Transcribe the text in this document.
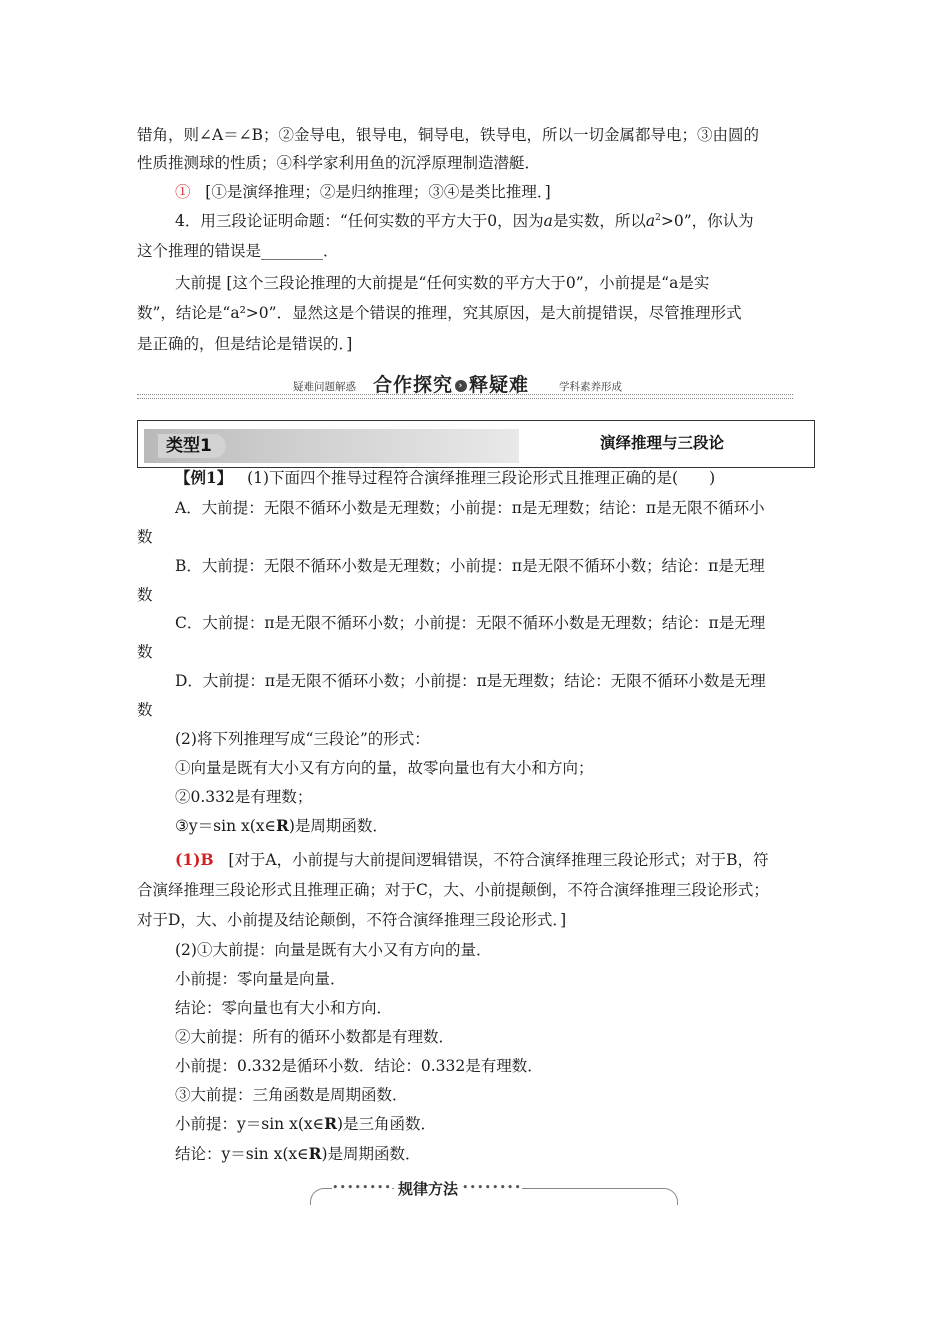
错角，则∠A＝∠B；②金导电，银导电，铜导电，铁导电，所以一切金属都导电；③由圆的
性质推测球的性质；④科学家利用鱼的沉浮原理制造潜艇．
① [①是演绎推理；②是归纳推理；③④是类比推理．]
4．用三段论证明命题：“任何实数的平方大于0，因为a是实数，所以$a^2>0$”，你认为
这个推理的错误是________．
大前提 [这个三段论推理的大前提是“任何实数的平方大于0”，小前提是“a是实
数”，结论是“a²>0”．显然这是个错误的推理，究其原因，是大前提错误，尽管推理形式
是正确的，但是结论是错误的．]
疑难问题解惑 合作探究 › 释疑难	学科素养形成
类型1	演绎推理与三段论
【例1】 (1)下面四个推导过程符合演绎推理三段论形式且推理正确的是(　　)
A．大前提：无限不循环小数是无理数；小前提：π是无理数；结论：π是无限不循环小
数
B．大前提：无限不循环小数是无理数；小前提：π是无限不循环小数；结论：π是无理
数
C．大前提：π是无限不循环小数；小前提：无限不循环小数是无理数；结论：π是无理
数
D．大前提：π是无限不循环小数；小前提：π是无理数；结论：无限不循环小数是无理
数
(2)将下列推理写成“三段论”的形式：
①向量是既有大小又有方向的量，故零向量也有大小和方向；
②0.332是有理数；
③y＝sin x(x∈R)是周期函数．
(1)B [对于A，小前提与大前提间逻辑错误，不符合演绎推理三段论形式；对于B，符
合演绎推理三段论形式且推理正确；对于C，大、小前提颠倒，不符合演绎推理三段论形式；
对于D，大、小前提及结论颠倒，不符合演绎推理三段论形式．]
(2)①大前提：向量是既有大小又有方向的量．
小前提：零向量是向量．
结论：零向量也有大小和方向．
②大前提：所有的循环小数都是有理数．
小前提：0.332是循环小数．结论：0.332是有理数．
③大前提：三角函数是周期函数．
小前提：y＝sin x(x∈R)是三角函数．
结论：y＝sin x(x∈R)是周期函数．
•••••••• 规律方法 ••••••••
